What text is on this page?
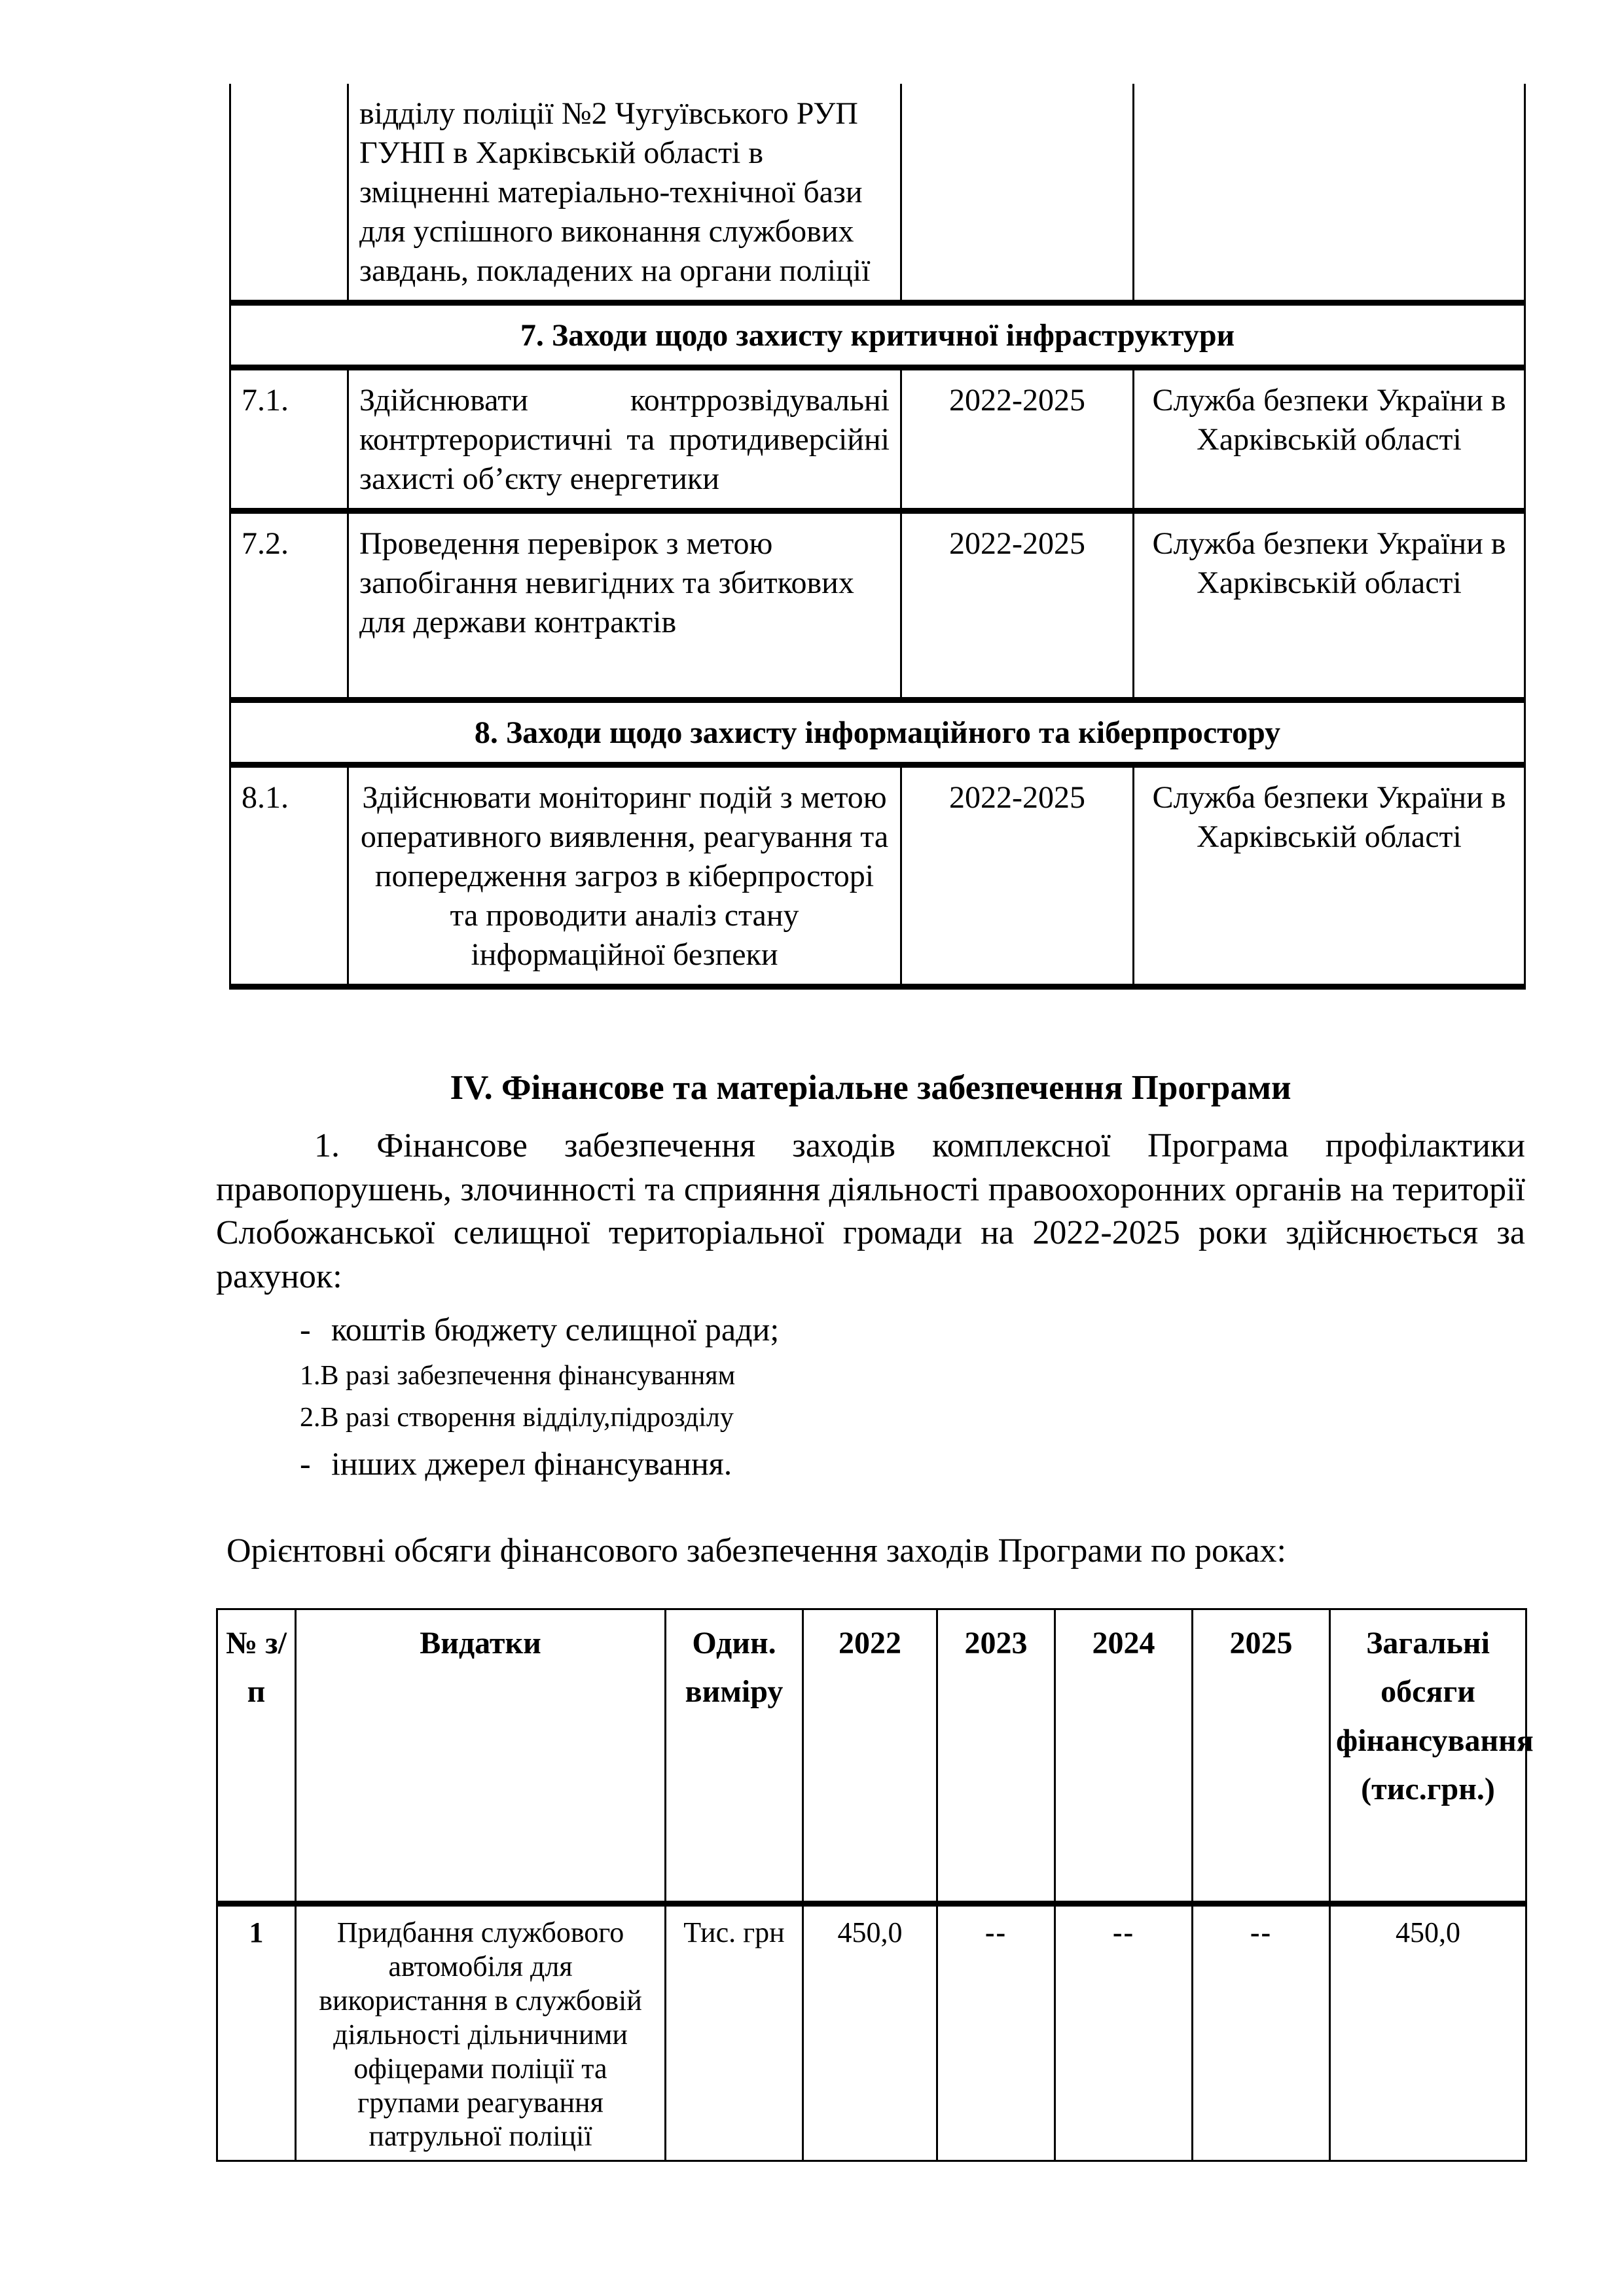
	відділу поліції №2 Чугуївського РУП ГУНП в Харківській області в зміцненні матеріально-технічної бази для успішного виконання службових завдань, покладених на органи поліції		
7. Заходи щодо захисту критичної інфраструктури			
7.1.	Здійснювати контррозвідувальні контртерористичні та протидиверсійні захисті об’єкту енергетики	2022-2025	Служба безпеки України в Харківській області
7.2.	Проведення перевірок з метою запобігання невигідних та збиткових для держави контрактів	2022-2025	Служба безпеки України в Харківській області
8. Заходи щодо захисту інформаційного та кіберпростору			
8.1.	Здійснювати моніторинг подій з метою оперативного виявлення, реагування та попередження загроз в кіберпросторі та проводити аналіз стану інформаційної безпеки	2022-2025	Служба безпеки України в Харківській області
IV. Фінансове та матеріальне забезпечення Програми

1. Фінансове забезпечення заходів комплексної Програма профілактики правопорушень, злочинності та сприяння діяльності правоохоронних органів на території Слобожанської селищної територіальної громади на 2022-2025 роки здійснюється за рахунок:

- коштів бюджету селищної ради;
1.В разі забезпечення фінансуванням
2.В разі створення відділу,підрозділу
- інших джерел фінансування.

Орієнтовні обсяги фінансового забезпечення заходів Програми по роках:

№ з/п	Видатки	Один. виміру	2022	2023	2024	2025	Загальні обсяги фінансування (тис.грн.)
1	Придбання службового автомобіля для використання в службовій діяльності дільничними офіцерами поліції та групами реагування патрульної поліції	Тис. грн	450,0	--	--	--	450,0
